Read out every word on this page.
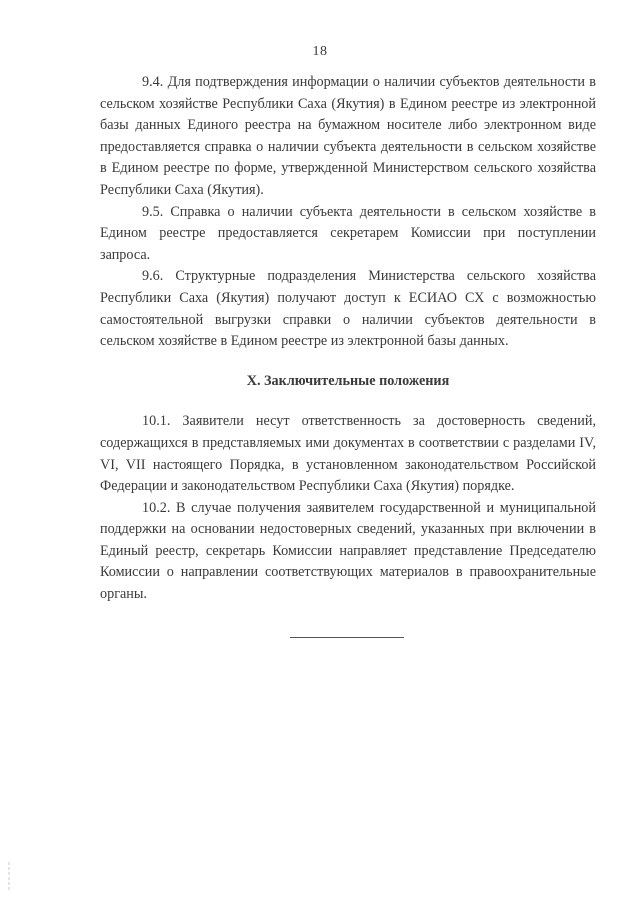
18

9.4. Для подтверждения информации о наличии субъектов деятельности в сельском хозяйстве Республики Саха (Якутия) в Едином реестре из электронной базы данных Единого реестра на бумажном носителе либо электронном виде предоставляется справка о наличии субъекта деятельности в сельском хозяйстве в Едином реестре по форме, утвержденной Министерством сельского хозяйства Республики Саха (Якутия).

9.5. Справка о наличии субъекта деятельности в сельском хозяйстве в Едином реестре предоставляется секретарем Комиссии при поступлении запроса.

9.6. Структурные подразделения Министерства сельского хозяйства Республики Саха (Якутия) получают доступ к ЕСИАО СХ с возможностью самостоятельной выгрузки справки о наличии субъектов деятельности в сельском хозяйстве в Едином реестре из электронной базы данных.

X. Заключительные положения

10.1. Заявители несут ответственность за достоверность сведений, содержащихся в представляемых ими документах в соответствии с разделами IV, VI, VII настоящего Порядка, в установленном законодательством Российской Федерации и законодательством Республики Саха (Якутия) порядке.

10.2. В случае получения заявителем государственной и муниципальной поддержки на основании недостоверных сведений, указанных при включении в Единый реестр, секретарь Комиссии направляет представление Председателю Комиссии о направлении соответствующих материалов в правоохранительные органы.
